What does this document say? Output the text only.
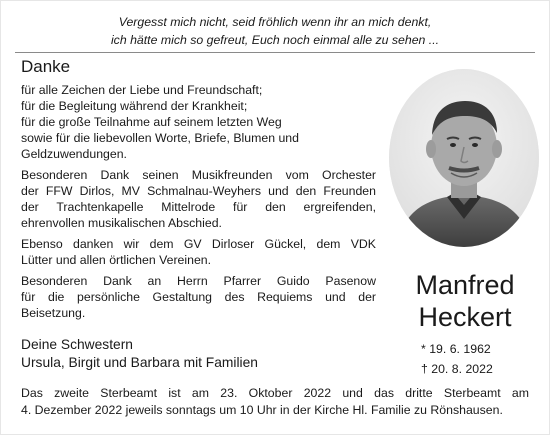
Vergesst mich nicht, seid fröhlich wenn ihr an mich denkt,
ich hätte mich so gefreut, Euch noch einmal alle zu sehen ...
Danke
für alle Zeichen der Liebe und Freundschaft;
für die Begleitung während der Krankheit;
für die große Teilnahme auf seinem letzten Weg
sowie für die liebevollen Worte, Briefe, Blumen und
Geldzuwendungen.
Besonderen Dank seinen Musikfreunden vom Orchester
der FFW Dirlos, MV Schmalnau-Weyhers und den Freunden
der Trachtenkapelle Mittelrode für den ergreifenden,
ehrenvollen musikalischen Abschied.
Ebenso danken wir dem GV Dirloser Gückel, dem VDK
Lütter und allen örtlichen Vereinen.
Besonderen Dank an Herrn Pfarrer Guido Pasenow
für die persönliche Gestaltung des Requiems und der
Beisetzung.
Deine Schwestern
Ursula, Birgit und Barbara mit Familien
Manfred
Heckert
* 19. 6. 1962
† 20. 8. 2022
Das zweite Sterbeamt ist am 23. Oktober 2022 und das dritte Sterbeamt am
4. Dezember 2022 jeweils sonntags um 10 Uhr in der Kirche Hl. Familie zu Rönshausen.
